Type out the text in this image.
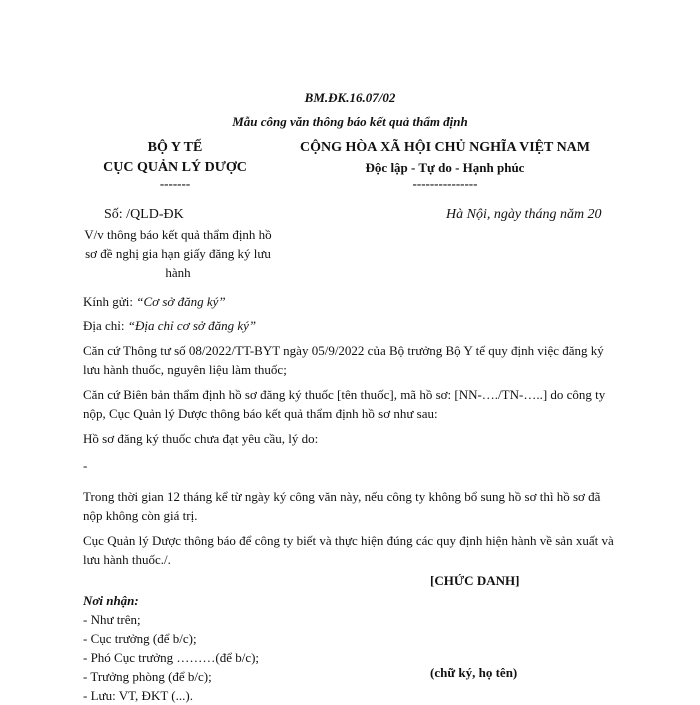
BM.ĐK.16.07/02
Mẫu công văn thông báo kết quả thẩm định
BỘ Y TẾ
CỤC QUẢN LÝ DƯỢC
-------
CỘNG HÒA XÃ HỘI CHỦ NGHĨA VIỆT NAM
Độc lập - Tự do - Hạnh phúc
---------------
Số: /QLD-ĐK	Hà Nội, ngày tháng năm 20
V/v thông báo kết quả thẩm định hồ sơ đề nghị gia hạn giấy đăng ký lưu hành

Kính gửi: “Cơ sở đăng ký”

Địa chỉ: “Địa chỉ cơ sở đăng ký”

Căn cứ Thông tư số 08/2022/TT-BYT ngày 05/9/2022 của Bộ trưởng Bộ Y tế quy định việc đăng ký lưu hành thuốc, nguyên liệu làm thuốc;

Căn cứ Biên bản thẩm định hồ sơ đăng ký thuốc [tên thuốc], mã hồ sơ: [NN-…./TN-…..] do công ty nộp, Cục Quản lý Dược thông báo kết quả thẩm định hồ sơ như sau:

Hồ sơ đăng ký thuốc chưa đạt yêu cầu, lý do:

-

Trong thời gian 12 tháng kể từ ngày ký công văn này, nếu công ty không bổ sung hồ sơ thì hồ sơ đã nộp không còn giá trị.

Cục Quản lý Dược thông báo để công ty biết và thực hiện đúng các quy định hiện hành về sản xuất và lưu hành thuốc./.

[CHỨC DANH]
Nơi nhận:
- Như trên;
- Cục trưởng (để b/c);
- Phó Cục trưởng ………(để b/c);
- Trưởng phòng (để b/c);
- Lưu: VT, ĐKT (...).
(chữ ký, họ tên)
